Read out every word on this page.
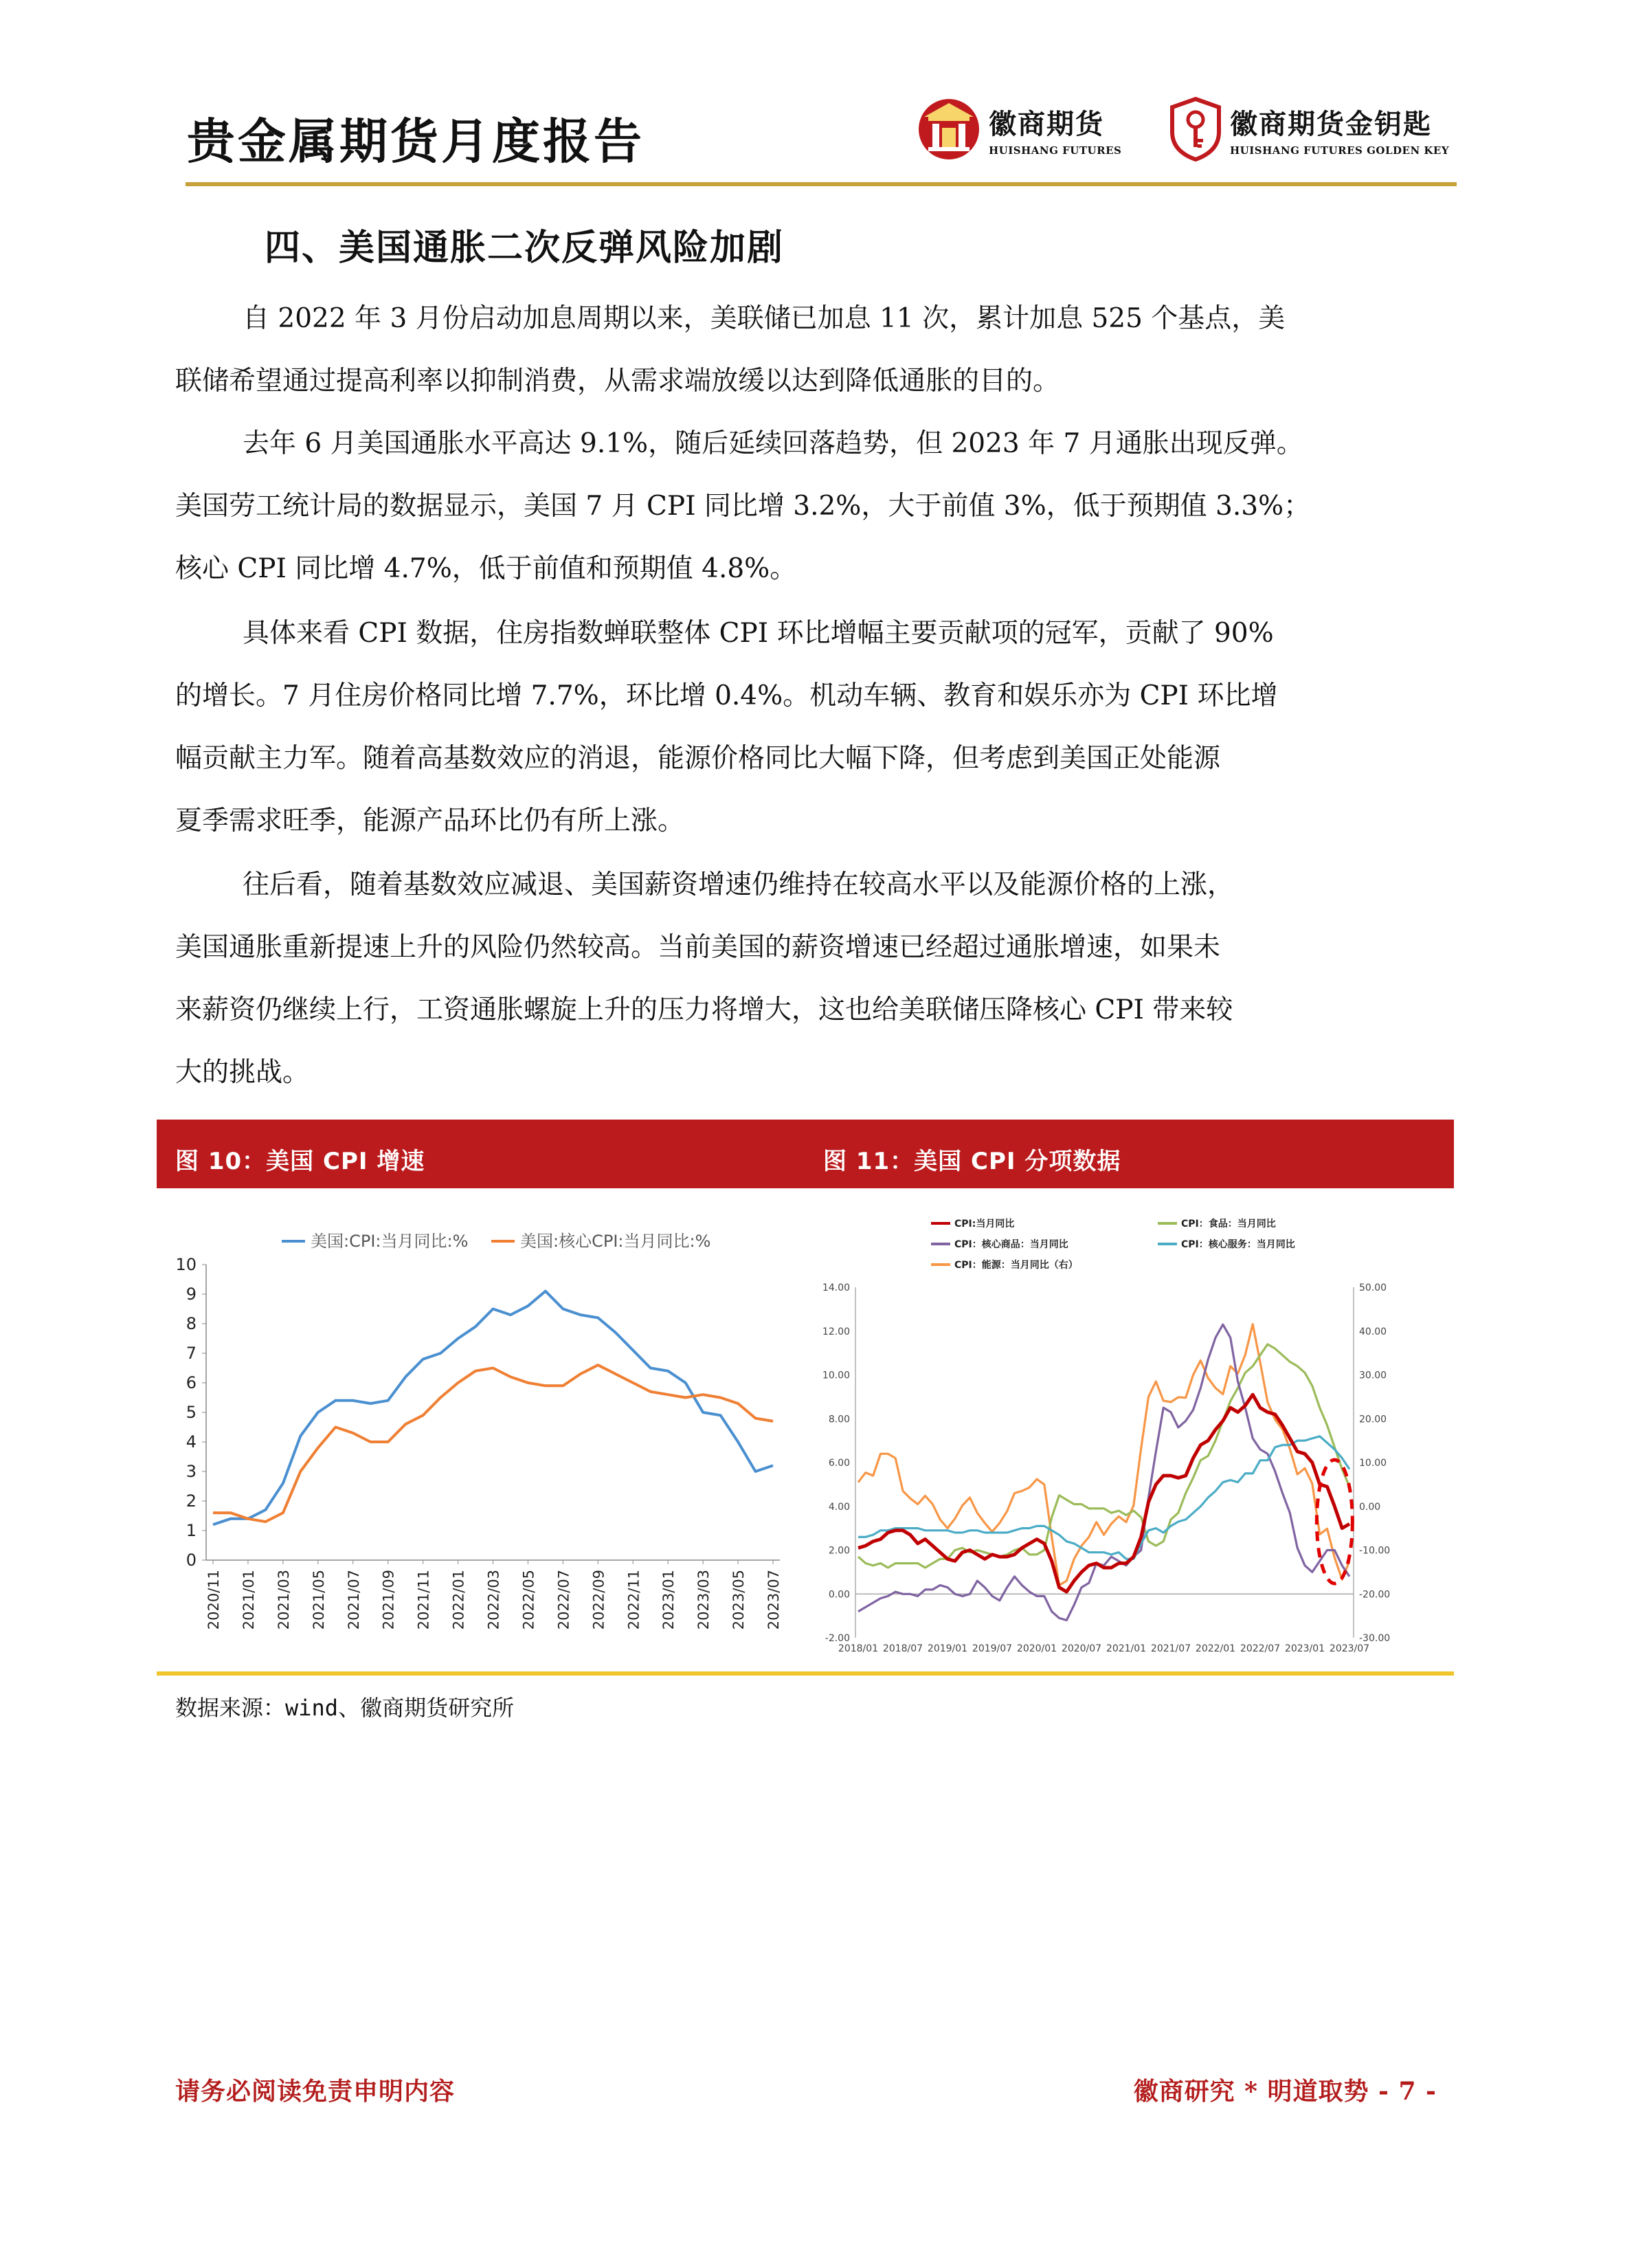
贵金属期货月度报告	徽商期货
HUISHANG FUTURES
徽商期货金钥匙
HUISHANG FUTURES GOLDEN KEY
四、美国通胀二次反弹风险加剧
自 2022 年 3 月份启动加息周期以来，美联储已加息 11 次，累计加息 525 个基点，美
联储希望通过提高利率以抑制消费，从需求端放缓以达到降低通胀的目的。
去年 6 月美国通胀水平高达 9.1%，随后延续回落趋势，但 2023 年 7 月通胀出现反弹。
美国劳工统计局的数据显示，美国 7 月 CPI 同比增 3.2%，大于前值 3%，低于预期值 3.3%；
核心 CPI 同比增 4.7%，低于前值和预期值 4.8%。
具体来看 CPI 数据，住房指数蝉联整体 CPI 环比增幅主要贡献项的冠军，贡献了 90%
的增长。7 月住房价格同比增 7.7%，环比增 0.4%。机动车辆、教育和娱乐亦为 CPI 环比增
幅贡献主力军。随着高基数效应的消退，能源价格同比大幅下降，但考虑到美国正处能源
夏季需求旺季，能源产品环比仍有所上涨。
往后看，随着基数效应减退、美国薪资增速仍维持在较高水平以及能源价格的上涨，
美国通胀重新提速上升的风险仍然较高。当前美国的薪资增速已经超过通胀增速，如果未
来薪资仍继续上行，工资通胀螺旋上升的压力将增大，这也给美联储压降核心 CPI 带来较
大的挑战。
图 10：美国 CPI 增速	图 11：美国 CPI 分项数据
0
1
2
3
4
5
6
7
8
9
10
2020/11 2021/01 2021/03 2021/05 2021/07 2021/09 2021/11 2022/01 2022/03 2022/05 2022/07 2022/09 2022/11 2023/01 2023/03 2023/05 2023/07
美国:CPI:当月同比:%	美国:核心CPI:当月同比:%
-2.00
0.00
2.00
4.00
6.00
8.00
10.00
12.00
14.00
-30.00
-20.00
-10.00
0.00
10.00
20.00
30.00
40.00
50.00
2018/01 2018/07 2019/01 2019/07 2020/01 2020/07 2021/01 2021/07 2022/01 2022/07 2023/01 2023/07
CPI:当月同比	CPI：食品：当月同比
CPI：核心商品：当月同比	CPI：核心服务：当月同比
CPI：能源：当月同比（右）
数据来源：wind、徽商期货研究所
请务必阅读免责申明内容	徽商研究 * 明道取势 - 7 -
